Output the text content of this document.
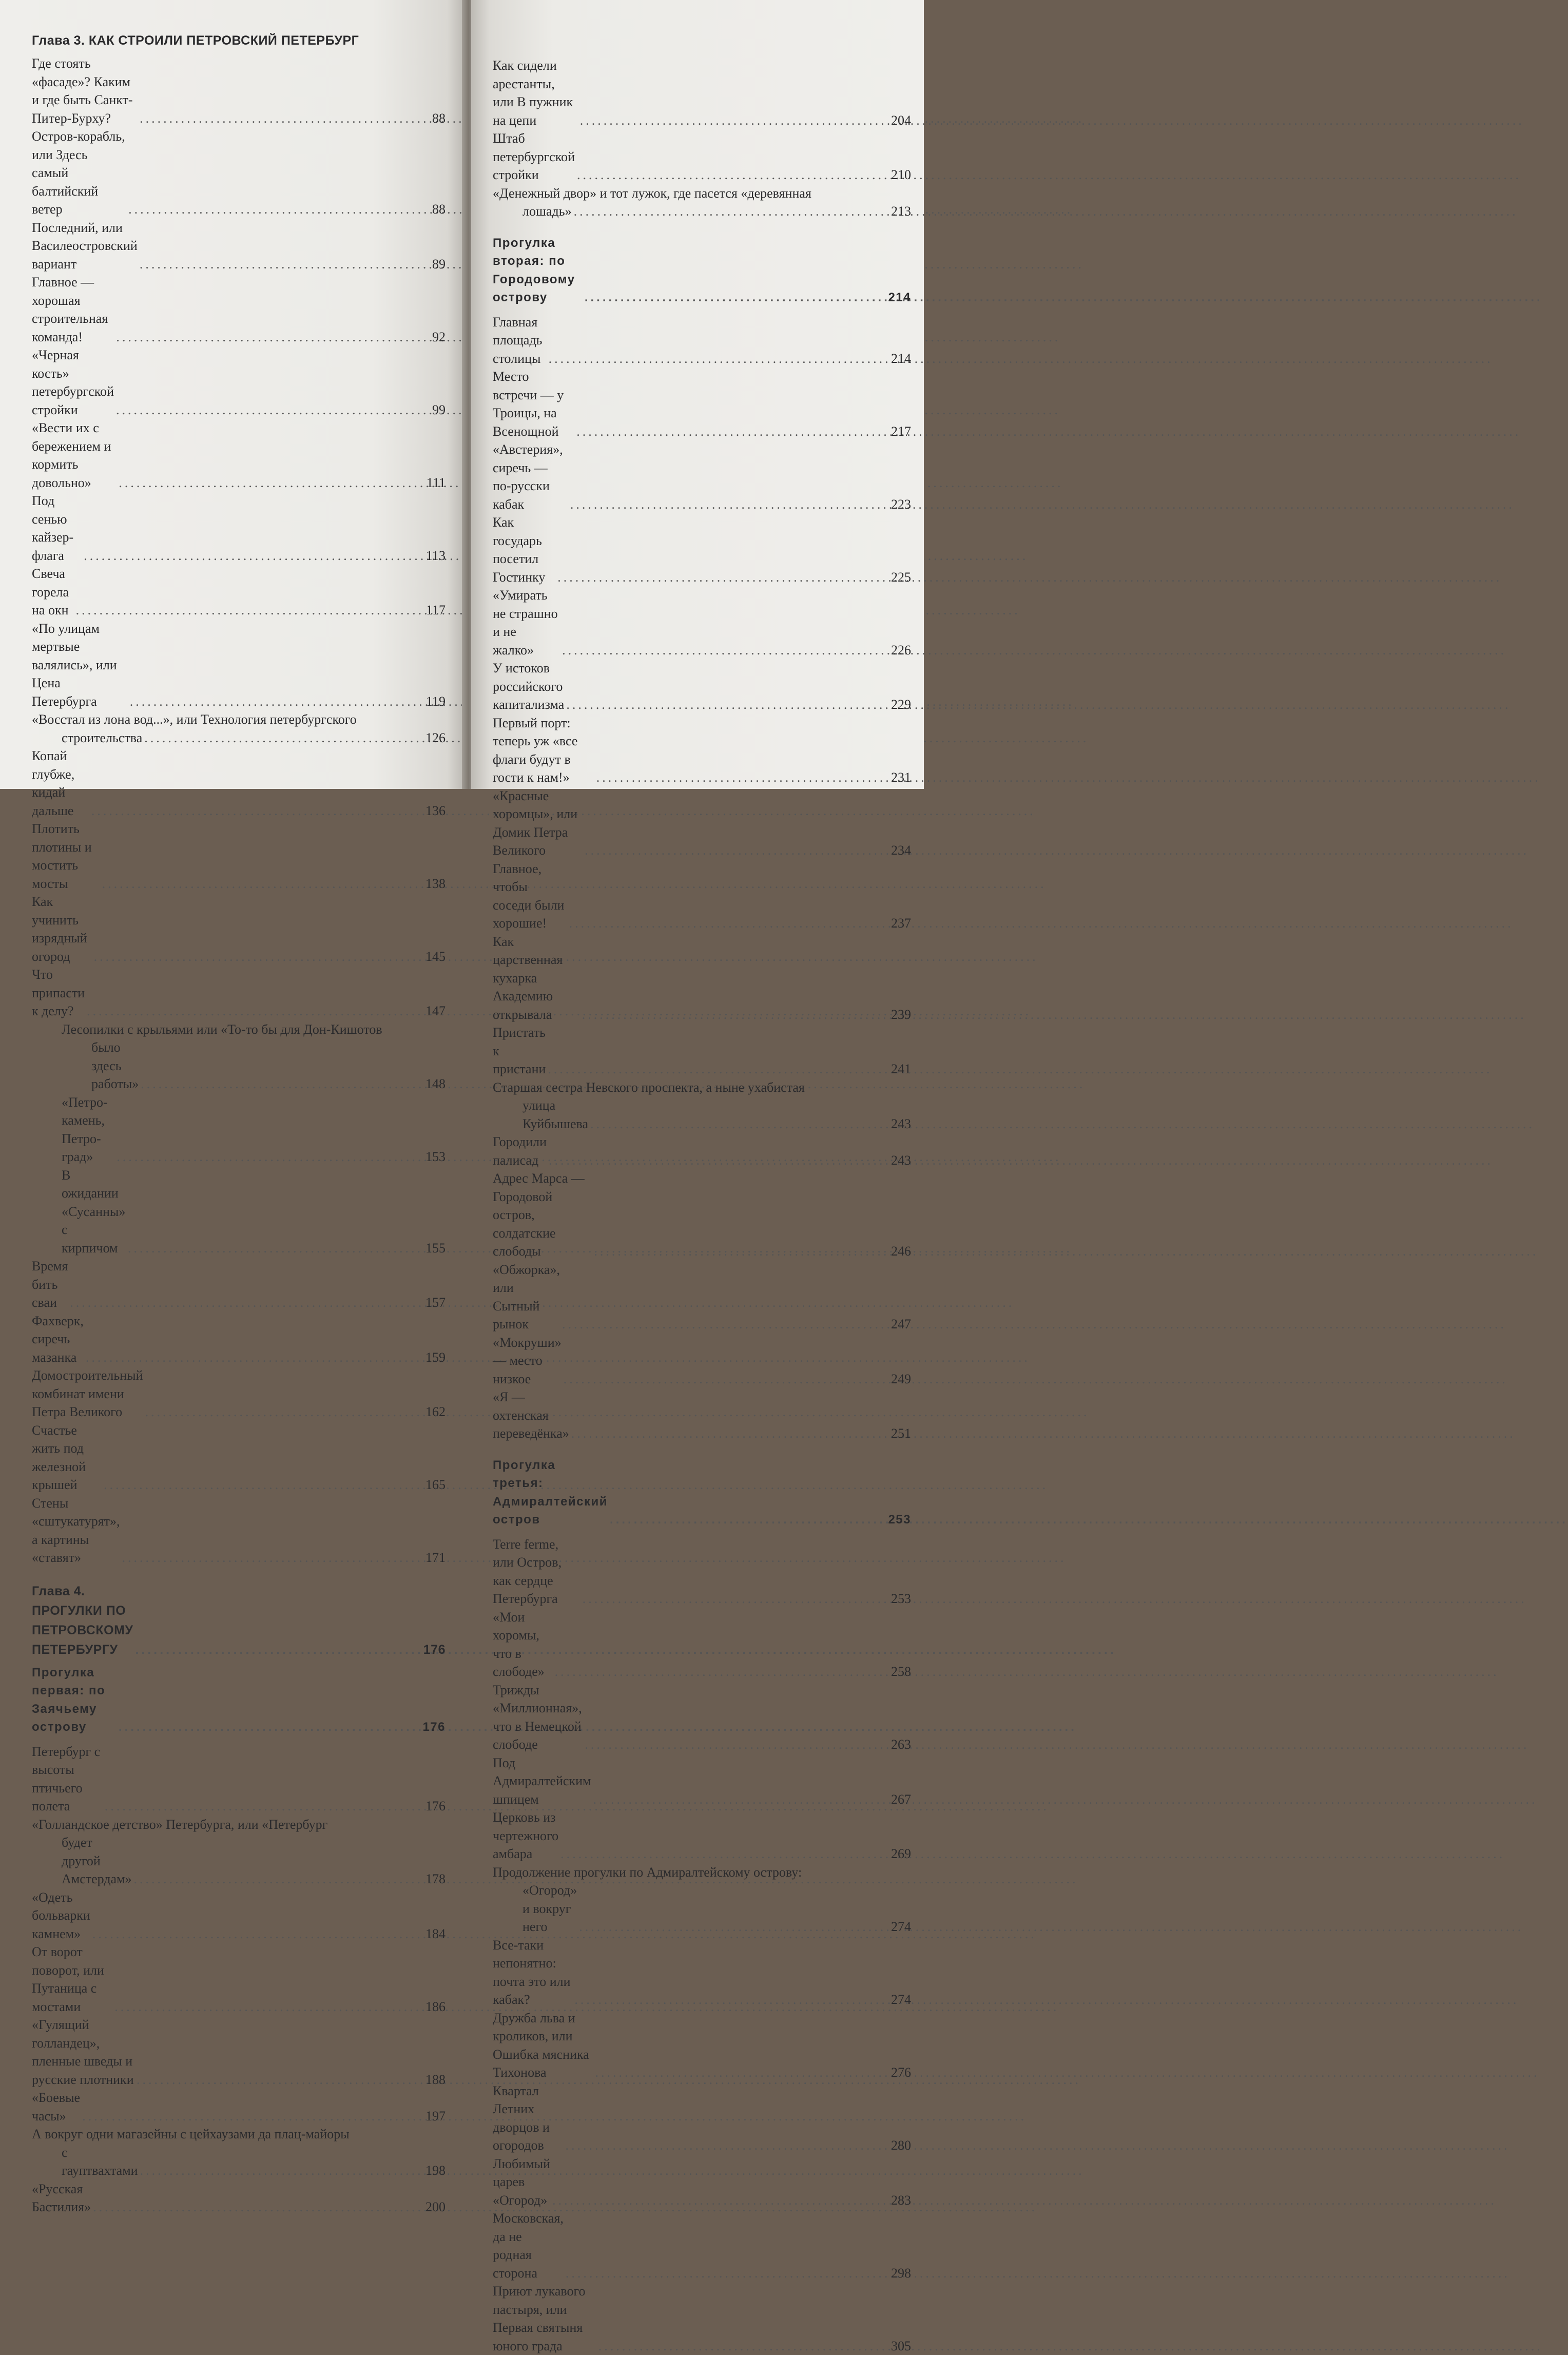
Глава 3. КАК СТРОИЛИ ПЕТРОВСКИЙ ПЕТЕРБУРГ
Где стоять «фасаде»? Каким и где быть Санкт-Питер-Бурху? .....	88
Остров-корабль, или Здесь самый балтийский ветер .....	88
Последний, или Василеостровский вариант .....	89
Главное — хорошая строительная команда! .....	92
«Черная кость» петербургской стройки .....	99
«Вести их с бережением и кормить довольно» .....	111
Под сенью кайзер-флага .....	113
Свеча горела на окн .....	117
«По улицам мертвые валялись», или Цена Петербурга .....	119
«Восстал из лона вод...», или Технология петербургского
строительства .....	126
Копай глубже, кидай дальше .....	136
Плотить плотины и мостить мосты .....	138
Как учинить изрядный огород .....	145
Что припасти к делу? .....	147
Лесопилки с крыльями или «То-то бы для Дон-Кишотов
было здесь работы» .....	148
«Петро-камень, Петро-град» .....	153
В ожидании «Сусанны» с кирпичом .....	155
Время бить сваи .....	157
Фахверк, сиречь мазанка .....	159
Домостроительный комбинат имени Петра Великого .....	162
Счастье жить под железной крышей .....	165
Стены «сштукатурят», а картины «ставят» .....	171
Глава 4. ПРОГУЛКИ ПО ПЕТРОВСКОМУ ПЕТЕРБУРГУ .....	176
Прогулка первая: по Заячьему острову .....	176
Петербург с высоты птичьего полета .....	176
«Голландское детство» Петербурга, или «Петербург
будет другой Амстердам» .....	178
«Одеть больварки камнем» .....	184
От ворот поворот, или Путаница с мостами .....	186
«Гулящий голландец», пленные шведы и русские плотники .....	188
«Боевые часы» .....	197
А вокруг одни магазейны с цейхаузами да плац-майоры
с гауптвахтами .....	198
«Русская Бастилия» .....	200
Как сидели арестанты, или В пужник на цепи .....	204
Штаб петербургской стройки .....	210
«Денежный двор» и тот лужок, где пасется «деревянная
лошадь» .....	213
Прогулка вторая: по Городовому острову .....	214
Главная площадь столицы .....	214
Место встречи — у Троицы, на Всенощной .....	217
«Австерия», сиречь — по-русски кабак .....	223
Как государь посетил Гостинку .....	225
«Умирать не страшно и не жалко» .....	226
У истоков российского капитализма .....	229
Первый порт: теперь уж «все флаги будут в гости к нам!» .....	231
«Красные хоромцы», или Домик Петра Великого .....	234
Главное, чтобы соседи были хорошие! .....	237
Как царственная кухарка Академию открывала .....	239
Пристать к пристани .....	241
Старшая сестра Невского проспекта, а ныне ухабистая
улица Куйбышева .....	243
Городили палисад .....	243
Адрес Марса — Городовой остров, солдатские слободы .....	246
«Обжорка», или Сытный рынок .....	247
«Мокруши» — место низкое .....	249
«Я — охтенская переведёнка» .....	251
Прогулка третья: Адмиралтейский остров .....	253
Terre ferme, или Остров, как сердце Петербурга .....	253
«Мои хоромы, что в слободе» .....	258
Трижды «Миллионная», что в Немецкой слободе .....	263
Под Адмиралтейским шпицем .....	267
Церковь из чертежного амбара .....	269
Продолжение прогулки по Адмиралтейскому острову:
«Огород» и вокруг него .....	274
Все-таки непонятно: почта это или кабак? .....	274
Дружба льва и кроликов, или Ошибка мясника Тихонова .....	276
Квартал Летних дворцов и огородов .....	280
Любимый царев «Огород» .....	283
Московская, да не родная сторона .....	298
Приют лукавого пастыря, или Первая святыня юного града .....	305
